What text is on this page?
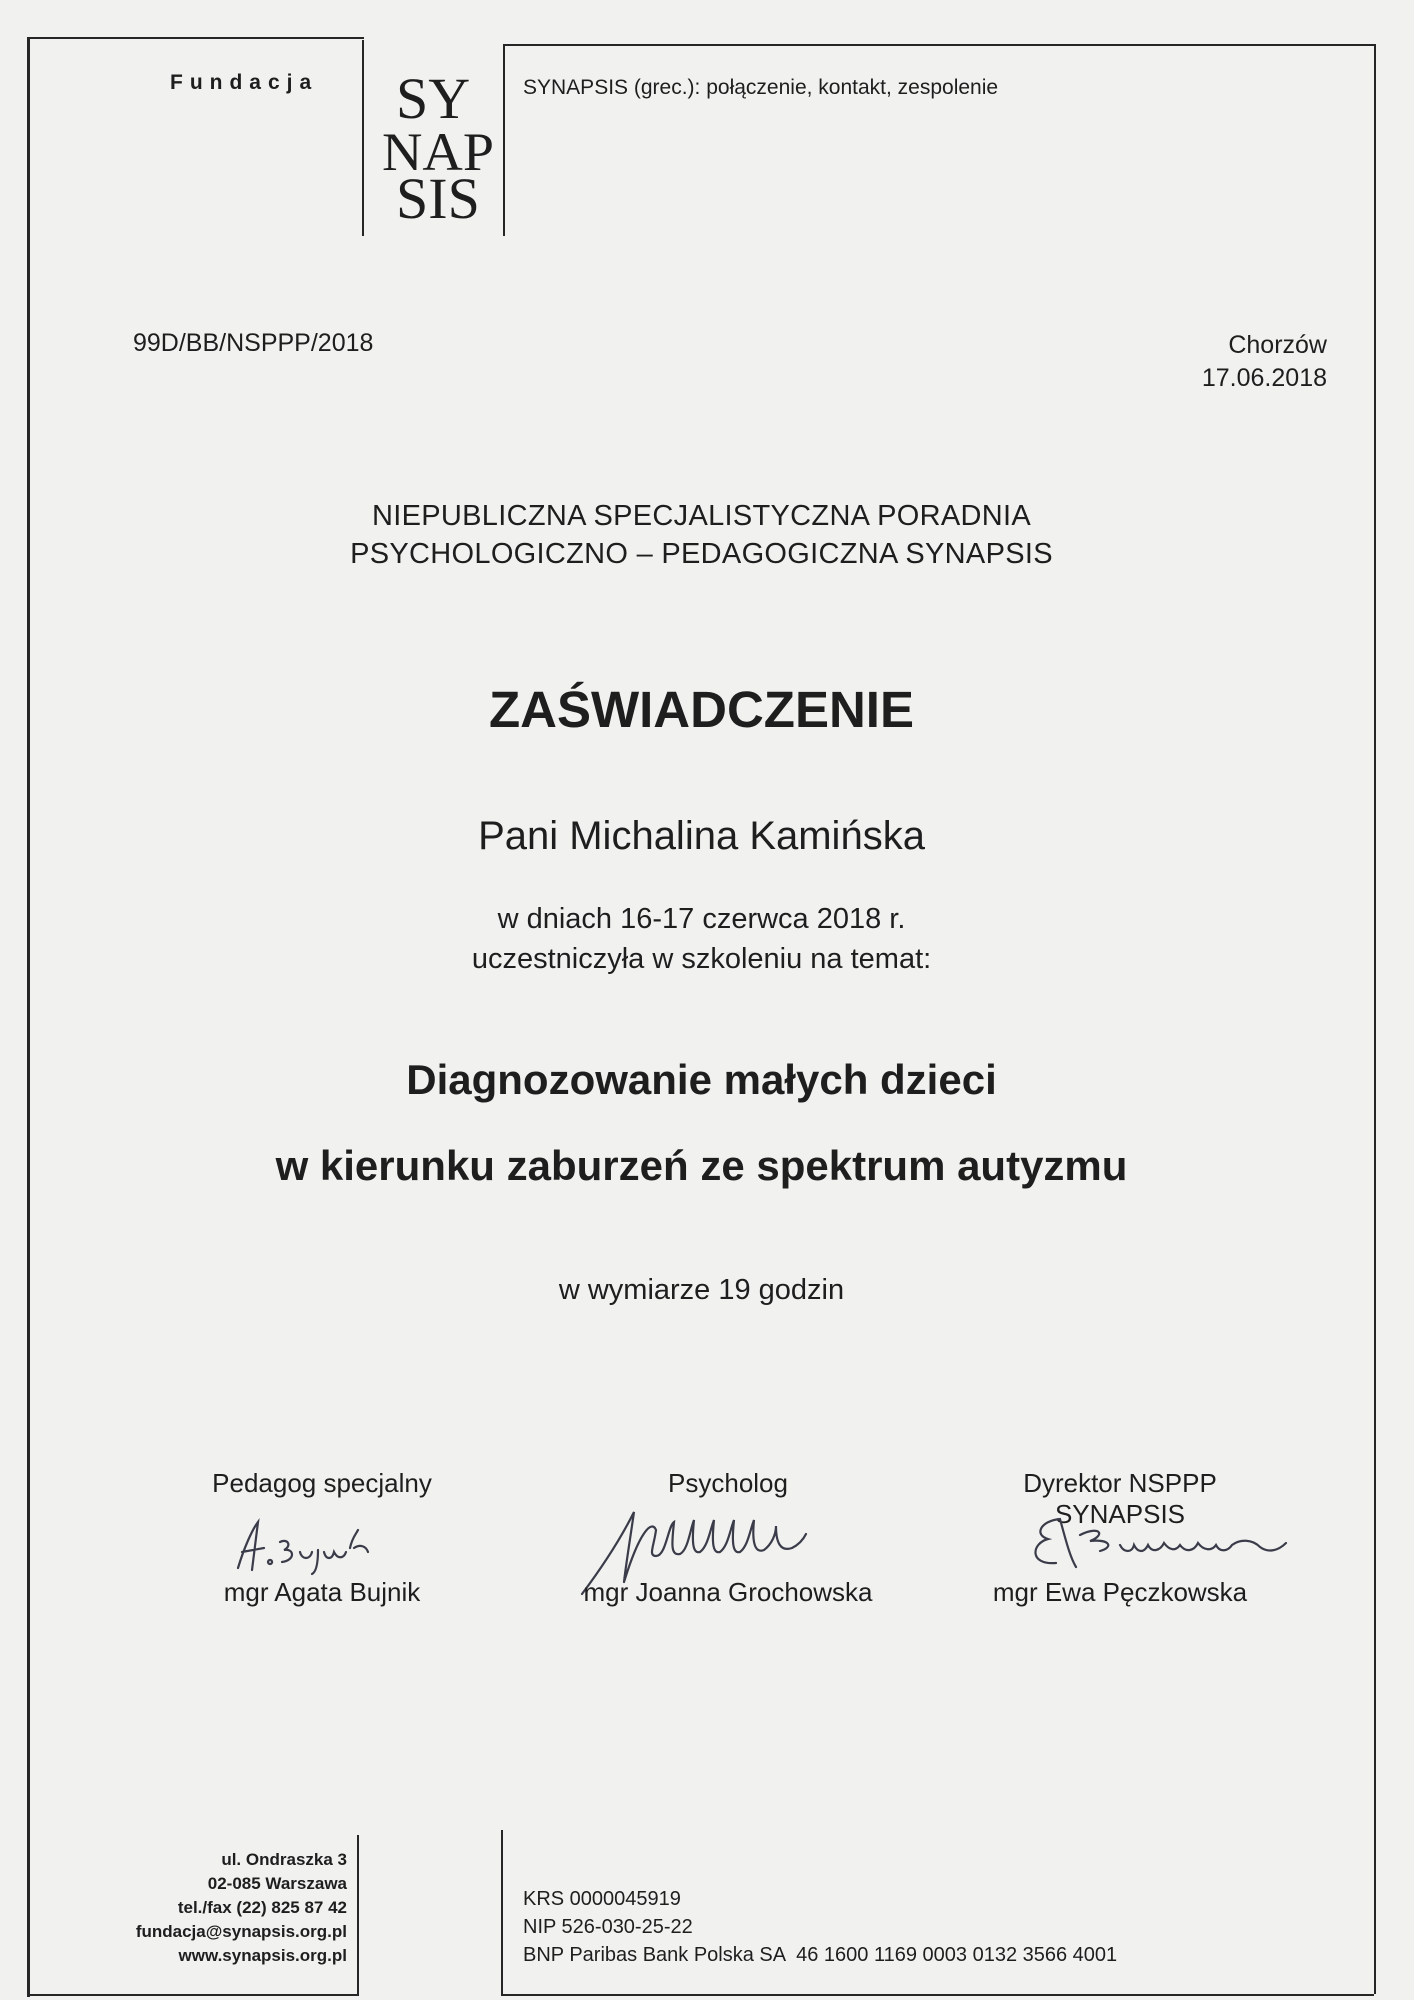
Fundacja SY
NAP
SIS
SYNAPSIS (grec.): połączenie, kontakt, zespolenie
99D/BB/NSPPP/2018	Chorzów
17.06.2018
NIEPUBLICZNA SPECJALISTYCZNA PORADNIA
PSYCHOLOGICZNO – PEDAGOGICZNA SYNAPSIS
ZAŚWIADCZENIE
Pani Michalina Kamińska
w dniach 16-17 czerwca 2018 r.
uczestniczyła w szkoleniu na temat:
Diagnozowanie małych dzieci
w kierunku zaburzeń ze spektrum autyzmu
w wymiarze 19 godzin
Pedagog specjalny
mgr Agata Bujnik
Psycholog
mgr Joanna Grochowska
Dyrektor NSPPP SYNAPSIS
mgr Ewa Pęczkowska
ul. Ondraszka 3
02-085 Warszawa
tel./fax (22) 825 87 42
fundacja@synapsis.org.pl
www.synapsis.org.pl
KRS 0000045919
NIP 526-030-25-22
BNP Paribas Bank Polska SA  46 1600 1169 0003 0132 3566 4001
